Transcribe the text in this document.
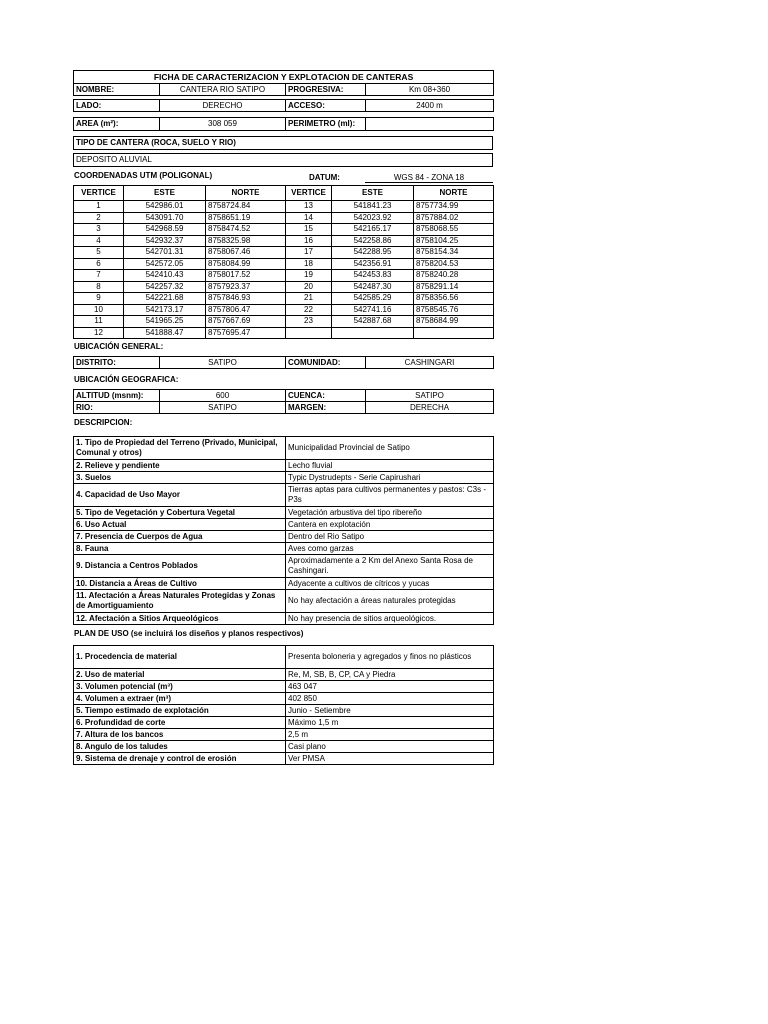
FICHA DE CARACTERIZACION Y EXPLOTACION DE CANTERAS
NOMBRE:	CANTERA RIO SATIPO	PROGRESIVA:	Km 08+360
LADO:	DERECHO	ACCESO:	2400 m
AREA (m²):	308 059	PERIMETRO (ml):	
TIPO DE CANTERA (ROCA, SUELO Y RIO)
DEPOSITO ALUVIAL
COORDENADAS UTM (POLIGONAL)	DATUM:	WGS 84 - ZONA 18
VERTICE	ESTE	NORTE	VERTICE	ESTE	NORTE
1	542986.01	8758724.84	13	541841.23	8757734.99
2	543091.70	8758651.19	14	542023.92	8757884.02
3	542968.59	8758474.52	15	542165.17	8758068.55
4	542932.37	8758325.98	16	542258.86	8758104.25
5	542701.31	8758067.46	17	542288.95	8758154.34
6	542572.05	8758084.99	18	542356.91	8758204.53
7	542410.43	8758017.52	19	542453.83	8758240.28
8	542257.32	8757923.37	20	542487.30	8758291.14
9	542221.68	8757846.93	21	542585.29	8758356.56
10	542173.17	8757806.47	22	542741.16	8758545.76
11	541965.25	8757667.69	23	542887.68	8758684.99
12	541888.47	8757695.47			
UBICACIÓN GENERAL:
DISTRITO:	SATIPO	COMUNIDAD:	CASHINGARI
UBICACIÓN GEOGRAFICA:
ALTITUD (msnm):	600	CUENCA:	SATIPO
RIO:	SATIPO	MARGEN:	DERECHA
DESCRIPCION:
1. Tipo de Propiedad del Terreno (Privado, Municipal, Comunal y otros)	Municipalidad Provincial de Satipo
2. Relieve y pendiente	Lecho fluvial
3. Suelos	Typic Dystrudepts - Serie Capirushari
4. Capacidad de Uso Mayor	Tierras aptas para cultivos permanentes y pastos: C3s - P3s
5. Tipo de Vegetación y Cobertura Vegetal	Vegetación arbustiva del tipo ribereño
6. Uso Actual	Cantera en explotación
7. Presencia de Cuerpos de Agua	Dentro del Rio Satipo
8. Fauna	Aves como garzas
9. Distancia a Centros Poblados	Aproximadamente a 2 Km del Anexo Santa Rosa de Cashingari.
10. Distancia a Áreas de Cultivo	Adyacente a cultivos de cítricos y yucas
11. Afectación a Áreas Naturales Protegidas y Zonas de Amortiguamiento	No hay afectación a áreas naturales protegidas
12. Afectación a Sitios Arqueológicos	No hay presencia de sitios arqueológicos.
PLAN DE USO (se incluirá los diseños y planos respectivos)
1. Procedencia de material	Presenta boloneria y agregados y finos no plásticos
2. Uso de material	Re, M, SB, B, CP, CA y Piedra
3. Volumen potencial (m³)	463 047
4. Volumen a extraer (m³)	402 850
5. Tiempo estimado de explotación	Junio - Setiembre
6. Profundidad de corte	Máximo 1,5 m
7. Altura de los bancos	2,5 m
8. Angulo de los taludes	Casi plano
9. Sistema de drenaje y control de erosión	Ver PMSA
